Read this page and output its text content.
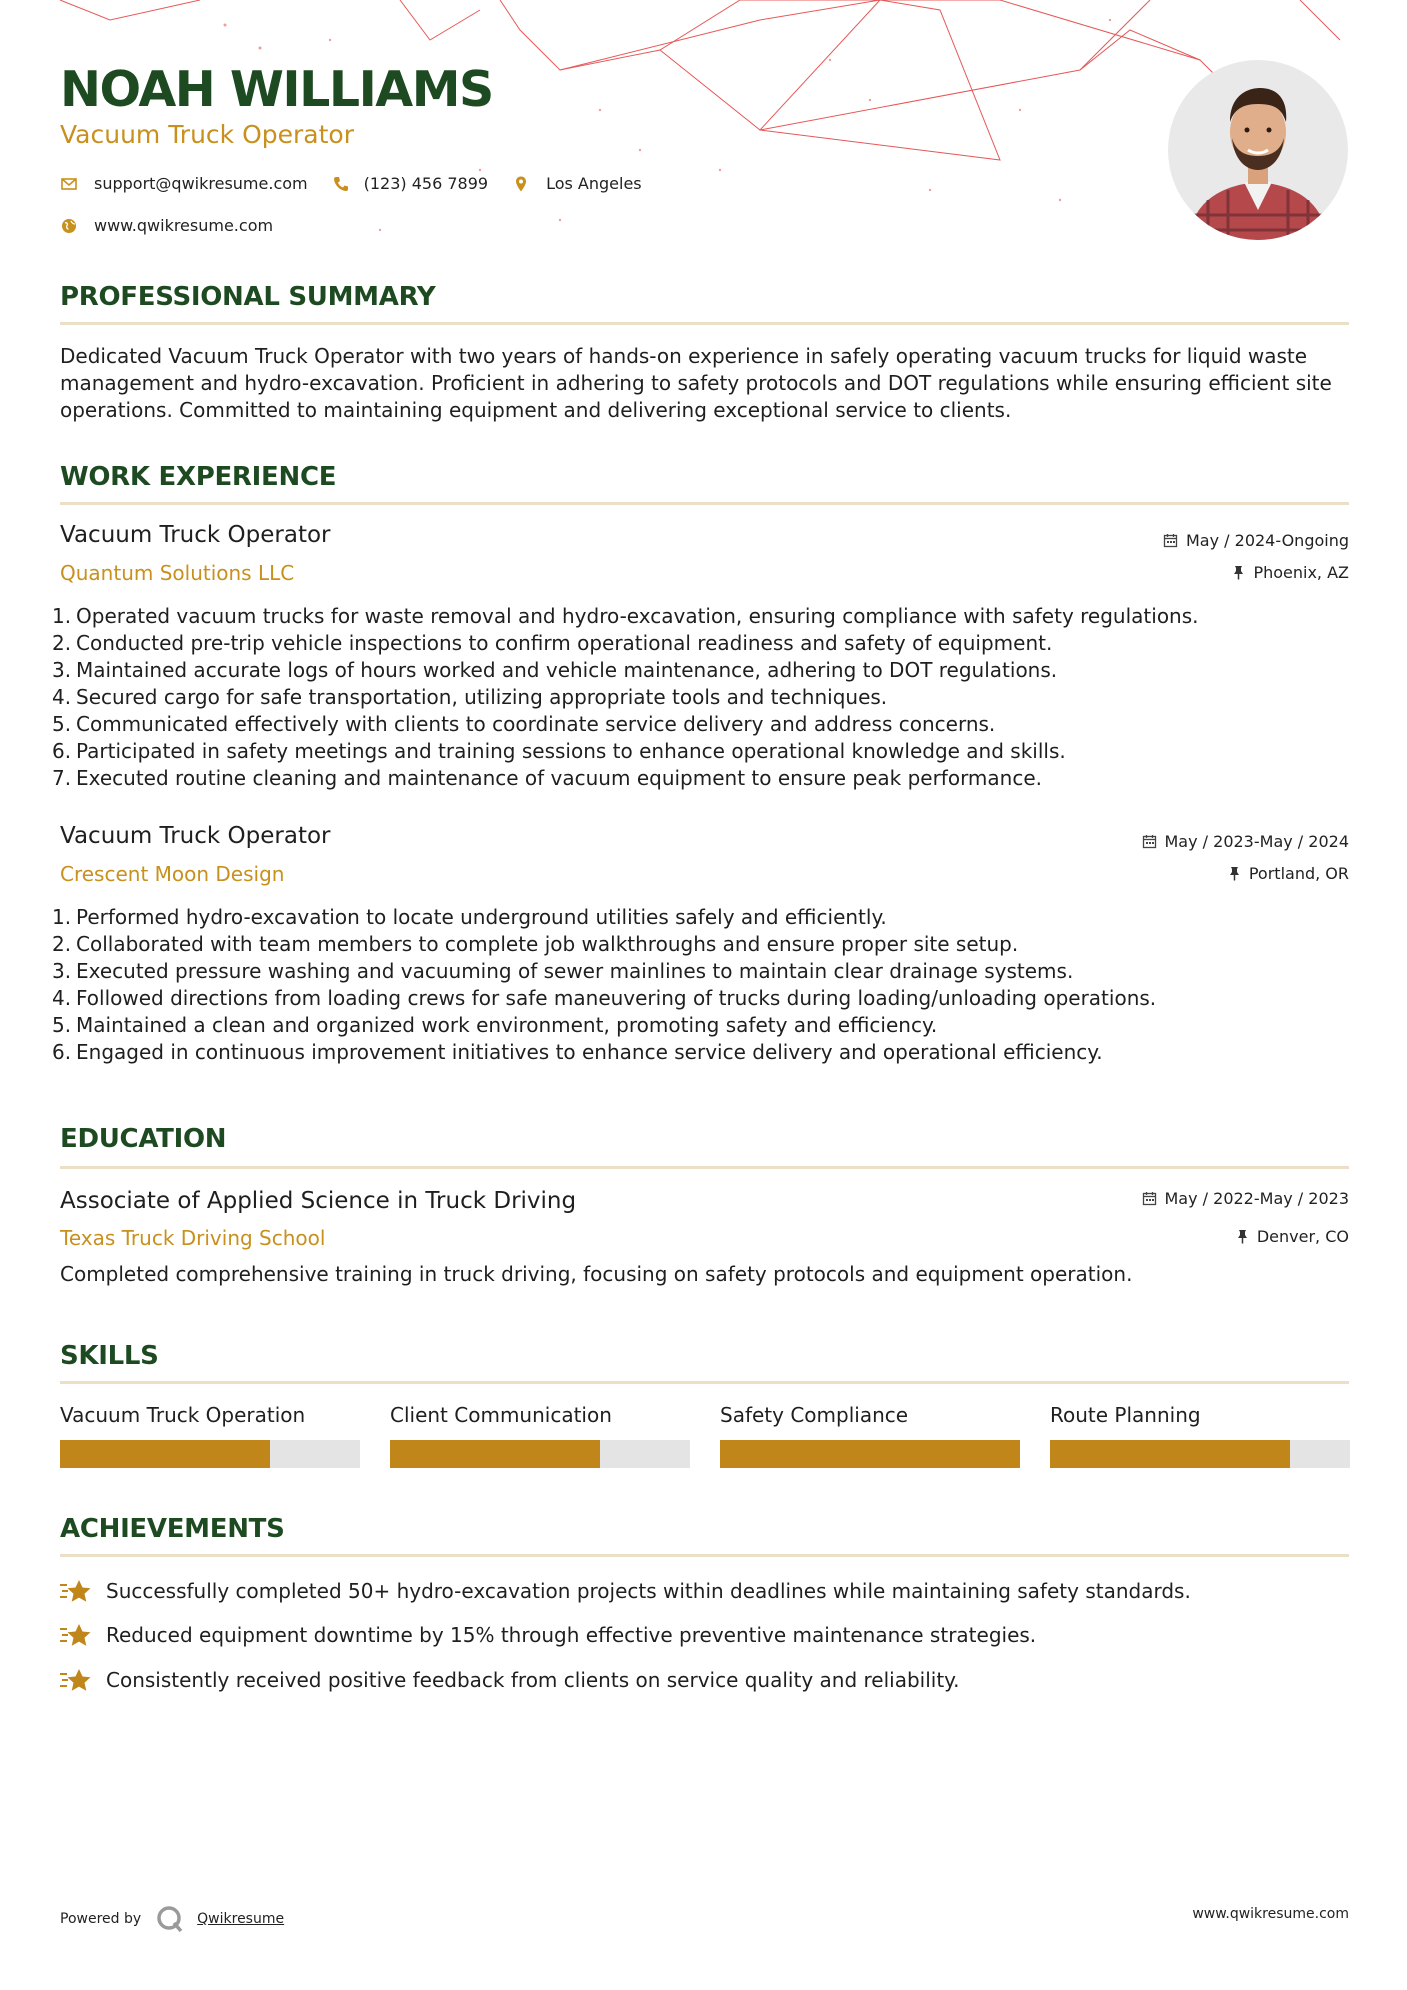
NOAH WILLIAMS
Vacuum Truck Operator
support@qwikresume.com	(123) 456 7899	Los Angeles
www.qwikresume.com
PROFESSIONAL SUMMARY
Dedicated Vacuum Truck Operator with two years of hands-on experience in safely operating vacuum trucks for liquid waste management and hydro-excavation. Proficient in adhering to safety protocols and DOT regulations while ensuring efficient site operations. Committed to maintaining equipment and delivering exceptional service to clients.
WORK EXPERIENCE
Vacuum Truck Operator	May / 2024-Ongoing
Quantum Solutions LLC	Phoenix, AZ
1. Operated vacuum trucks for waste removal and hydro-excavation, ensuring compliance with safety regulations.
2. Conducted pre-trip vehicle inspections to confirm operational readiness and safety of equipment.
3. Maintained accurate logs of hours worked and vehicle maintenance, adhering to DOT regulations.
4. Secured cargo for safe transportation, utilizing appropriate tools and techniques.
5. Communicated effectively with clients to coordinate service delivery and address concerns.
6. Participated in safety meetings and training sessions to enhance operational knowledge and skills.
7. Executed routine cleaning and maintenance of vacuum equipment to ensure peak performance.
Vacuum Truck Operator	May / 2023-May / 2024
Crescent Moon Design	Portland, OR
1. Performed hydro-excavation to locate underground utilities safely and efficiently.
2. Collaborated with team members to complete job walkthroughs and ensure proper site setup.
3. Executed pressure washing and vacuuming of sewer mainlines to maintain clear drainage systems.
4. Followed directions from loading crews for safe maneuvering of trucks during loading/unloading operations.
5. Maintained a clean and organized work environment, promoting safety and efficiency.
6. Engaged in continuous improvement initiatives to enhance service delivery and operational efficiency.
EDUCATION
Associate of Applied Science in Truck Driving	May / 2022-May / 2023
Texas Truck Driving School	Denver, CO
Completed comprehensive training in truck driving, focusing on safety protocols and equipment operation.
SKILLS
Vacuum Truck Operation	Client Communication	Safety Compliance	Route Planning
ACHIEVEMENTS
Successfully completed 50+ hydro-excavation projects within deadlines while maintaining safety standards.
Reduced equipment downtime by 15% through effective preventive maintenance strategies.
Consistently received positive feedback from clients on service quality and reliability.
Powered by	Qwikresume	www.qwikresume.com
